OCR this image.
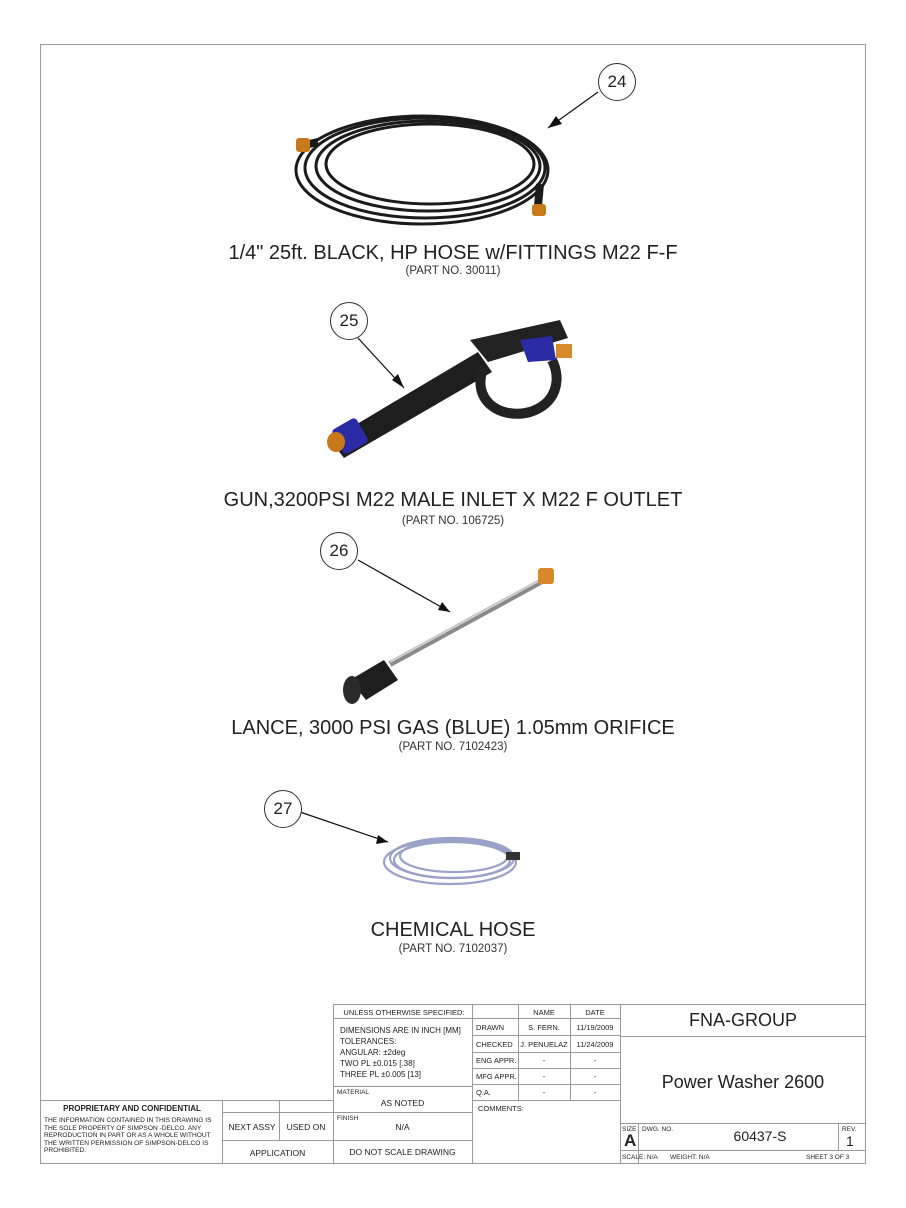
24
25
26
27
1/4" 25ft. BLACK, HP HOSE w/FITTINGS M22 F-F
(PART NO. 30011)
GUN,3200PSI M22 MALE INLET X M22 F OUTLET
(PART NO. 106725)
LANCE, 3000 PSI GAS (BLUE) 1.05mm ORIFICE
(PART NO. 7102423)
CHEMICAL HOSE
(PART NO. 7102037)
PROPRIETARY AND CONFIDENTIAL
THE INFORMATION CONTAINED IN THIS DRAWING IS THE SOLE PROPERTY OF SIMPSON -DELCO. ANY REPRODUCTION IN PART OR AS A WHOLE WITHOUT THE WRITTEN PERMISSION OF SIMPSON-DELCO IS PROHIBITED.
NEXT ASSY	USED ON
APPLICATION
UNLESS OTHERWISE SPECIFIED:
DIMENSIONS ARE IN INCH [MM]
TOLERANCES:
ANGULAR: ±2deg
TWO PL ±0.015 [.38]
THREE PL ±0.005 [13]
MATERIAL
AS NOTED
FINISH
N/A
DO NOT SCALE DRAWING
NAME	DATE
DRAWN	S. FERN.	11/19/2009
CHECKED J. PENUELAZ	11/24/2009
ENG APPR.	-	-
MFG APPR.	-	-
Q.A.	-	-
COMMENTS:
FNA-GROUP
Power Washer 2600
SIZE
A
DWG. NO.	60437-S	REV.
1
SCALE: N/A WEIGHT: N/A	SHEET 3 OF 3
